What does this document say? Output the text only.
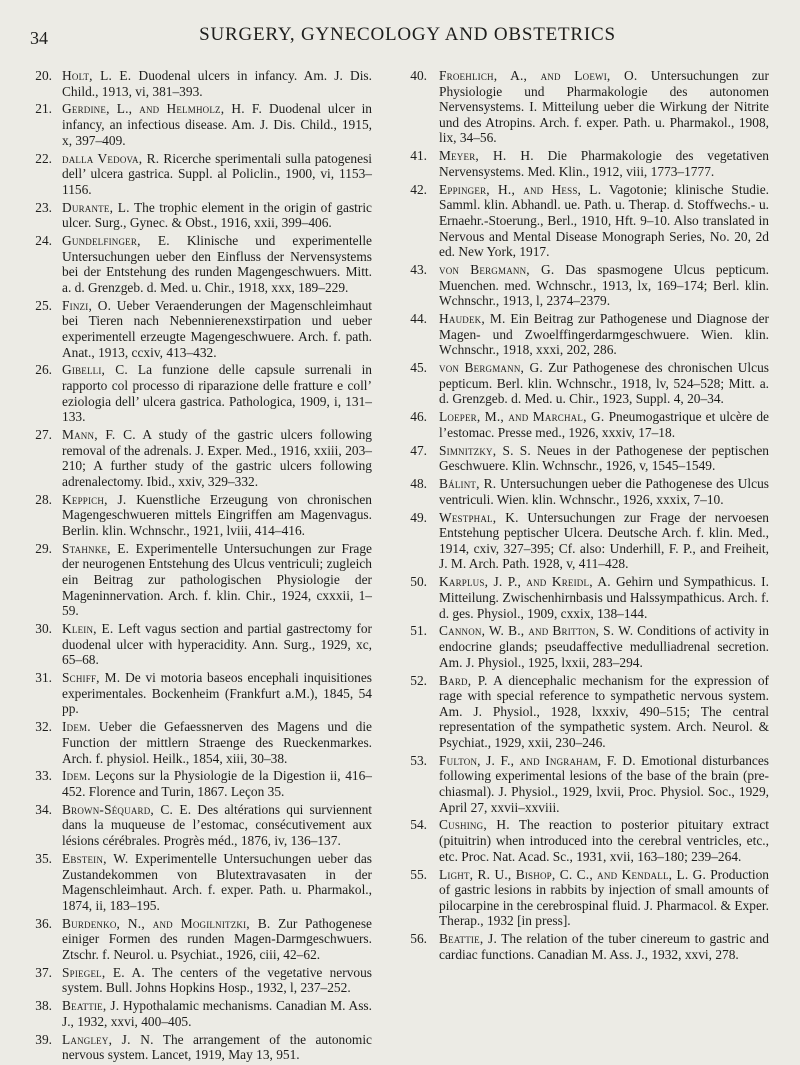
34	SURGERY, GYNECOLOGY AND OBSTETRICS
20. Holt, L. E. Duodenal ulcers in infancy. Am. J. Dis. Child., 1913, vi, 381–393.
21. Gerdine, L., and Helmholz, H. F. Duodenal ulcer in infancy, an infectious disease. Am. J. Dis. Child., 1915, x, 397–409.
22. dalla Vedova, R. Ricerche sperimentali sulla patogenesi dell’ ulcera gastrica. Suppl. al Policlin., 1900, vi, 1153–1156.
23. Durante, L. The trophic element in the origin of gastric ulcer. Surg., Gynec. & Obst., 1916, xxii, 399–406.
24. Gundelfinger, E. Klinische und experimentelle Untersuchungen ueber den Einfluss der Nervensystems bei der Entstehung des runden Magengeschwuers. Mitt. a. d. Grenzgeb. d. Med. u. Chir., 1918, xxx, 189–229.
25. Finzi, O. Ueber Veraenderungen der Magenschleimhaut bei Tieren nach Nebennierenexstirpation und ueber experimentell erzeugte Magengeschwuere. Arch. f. path. Anat., 1913, ccxiv, 413–432.
26. Gibelli, C. La funzione delle capsule surrenali in rapporto col processo di riparazione delle fratture e coll’ eziologia dell’ ulcera gastrica. Pathologica, 1909, i, 131–133.
27. Mann, F. C. A study of the gastric ulcers following removal of the adrenals. J. Exper. Med., 1916, xxiii, 203–210; A further study of the gastric ulcers following adrenalectomy. Ibid., xxiv, 329–332.
28. Keppich, J. Kuenstliche Erzeugung von chronischen Magengeschwueren mittels Eingriffen am Magenvagus. Berlin. klin. Wchnschr., 1921, lviii, 414–416.
29. Stahnke, E. Experimentelle Untersuchungen zur Frage der neurogenen Entstehung des Ulcus ventriculi; zugleich ein Beitrag zur pathologischen Physiologie der Mageninnervation. Arch. f. klin. Chir., 1924, cxxxii, 1–59.
30. Klein, E. Left vagus section and partial gastrectomy for duodenal ulcer with hyperacidity. Ann. Surg., 1929, xc, 65–68.
31. Schiff, M. De vi motoria baseos encephali inquisitiones experimentales. Bockenheim (Frankfurt a.M.), 1845, 54 pp.
32. Idem. Ueber die Gefaessnerven des Magens und die Function der mittlern Straenge des Rueckenmarkes. Arch. f. physiol. Heilk., 1854, xiii, 30–38.
33. Idem. Leçons sur la Physiologie de la Digestion ii, 416–452. Florence and Turin, 1867. Leçon 35.
34. Brown-Séquard, C. E. Des altérations qui surviennent dans la muqueuse de l’estomac, consécutivement aux lésions cérébrales. Progrès méd., 1876, iv, 136–137.
35. Ebstein, W. Experimentelle Untersuchungen ueber das Zustandekommen von Blutextravasaten in der Magenschleimhaut. Arch. f. exper. Path. u. Pharmakol., 1874, ii, 183–195.
36. Burdenko, N., and Mogilnitzki, B. Zur Pathogenese einiger Formen des runden Magen-Darmgeschwuers. Ztschr. f. Neurol. u. Psychiat., 1926, ciii, 42–62.
37. Spiegel, E. A. The centers of the vegetative nervous system. Bull. Johns Hopkins Hosp., 1932, l, 237–252.
38. Beattie, J. Hypothalamic mechanisms. Canadian M. Ass. J., 1932, xxvi, 400–405.
39. Langley, J. N. The arrangement of the autonomic nervous system. Lancet, 1919, May 13, 951.
40. Froehlich, A., and Loewi, O. Untersuchungen zur Physiologie und Pharmakologie des autonomen Nervensystems. I. Mitteilung ueber die Wirkung der Nitrite und des Atropins. Arch. f. exper. Path. u. Pharmakol., 1908, lix, 34–56.
41. Meyer, H. H. Die Pharmakologie des vegetativen Nervensystems. Med. Klin., 1912, viii, 1773–1777.
42. Eppinger, H., and Hess, L. Vagotonie; klinische Studie. Samml. klin. Abhandl. ue. Path. u. Therap. d. Stoffwechs.- u. Ernaehr.-Stoerung., Berl., 1910, Hft. 9–10. Also translated in Nervous and Mental Disease Monograph Series, No. 20, 2d ed. New York, 1917.
43. von Bergmann, G. Das spasmogene Ulcus pepticum. Muenchen. med. Wchnschr., 1913, lx, 169–174; Berl. klin. Wchnschr., 1913, l, 2374–2379.
44. Haudek, M. Ein Beitrag zur Pathogenese und Diagnose der Magen- und Zwoelffingerdarmgeschwuere. Wien. klin. Wchnschr., 1918, xxxi, 202, 286.
45. von Bergmann, G. Zur Pathogenese des chronischen Ulcus pepticum. Berl. klin. Wchnschr., 1918, lv, 524–528; Mitt. a. d. Grenzgeb. d. Med. u. Chir., 1923, Suppl. 4, 20–34.
46. Loeper, M., and Marchal, G. Pneumogastrique et ulcère de l’estomac. Presse med., 1926, xxxiv, 17–18.
47. Simnitzky, S. S. Neues in der Pathogenese der peptischen Geschwuere. Klin. Wchnschr., 1926, v, 1545–1549.
48. Bálint, R. Untersuchungen ueber die Pathogenese des Ulcus ventriculi. Wien. klin. Wchnschr., 1926, xxxix, 7–10.
49. Westphal, K. Untersuchungen zur Frage der nervoesen Entstehung peptischer Ulcera. Deutsche Arch. f. klin. Med., 1914, cxiv, 327–395; Cf. also: Underhill, F. P., and Freiheit, J. M. Arch. Path. 1928, v, 411–428.
50. Karplus, J. P., and Kreidl, A. Gehirn und Sympathicus. I. Mitteilung. Zwischenhirnbasis und Halssympathicus. Arch. f. d. ges. Physiol., 1909, cxxix, 138–144.
51. Cannon, W. B., and Britton, S. W. Conditions of activity in endocrine glands; pseudaffective medulliadrenal secretion. Am. J. Physiol., 1925, lxxii, 283–294.
52. Bard, P. A diencephalic mechanism for the expression of rage with special reference to sympathetic nervous system. Am. J. Physiol., 1928, lxxxiv, 490–515; The central representation of the sympathetic system. Arch. Neurol. & Psychiat., 1929, xxii, 230–246.
53. Fulton, J. F., and Ingraham, F. D. Emotional disturbances following experimental lesions of the base of the brain (pre-chiasmal). J. Physiol., 1929, lxvii, Proc. Physiol. Soc., 1929, April 27, xxvii–xxviii.
54. Cushing, H. The reaction to posterior pituitary extract (pituitrin) when introduced into the cerebral ventricles, etc., etc. Proc. Nat. Acad. Sc., 1931, xvii, 163–180; 239–264.
55. Light, R. U., Bishop, C. C., and Kendall, L. G. Production of gastric lesions in rabbits by injection of small amounts of pilocarpine in the cerebrospinal fluid. J. Pharmacol. & Exper. Therap., 1932 [in press].
56. Beattie, J. The relation of the tuber cinereum to gastric and cardiac functions. Canadian M. Ass. J., 1932, xxvi, 278.
